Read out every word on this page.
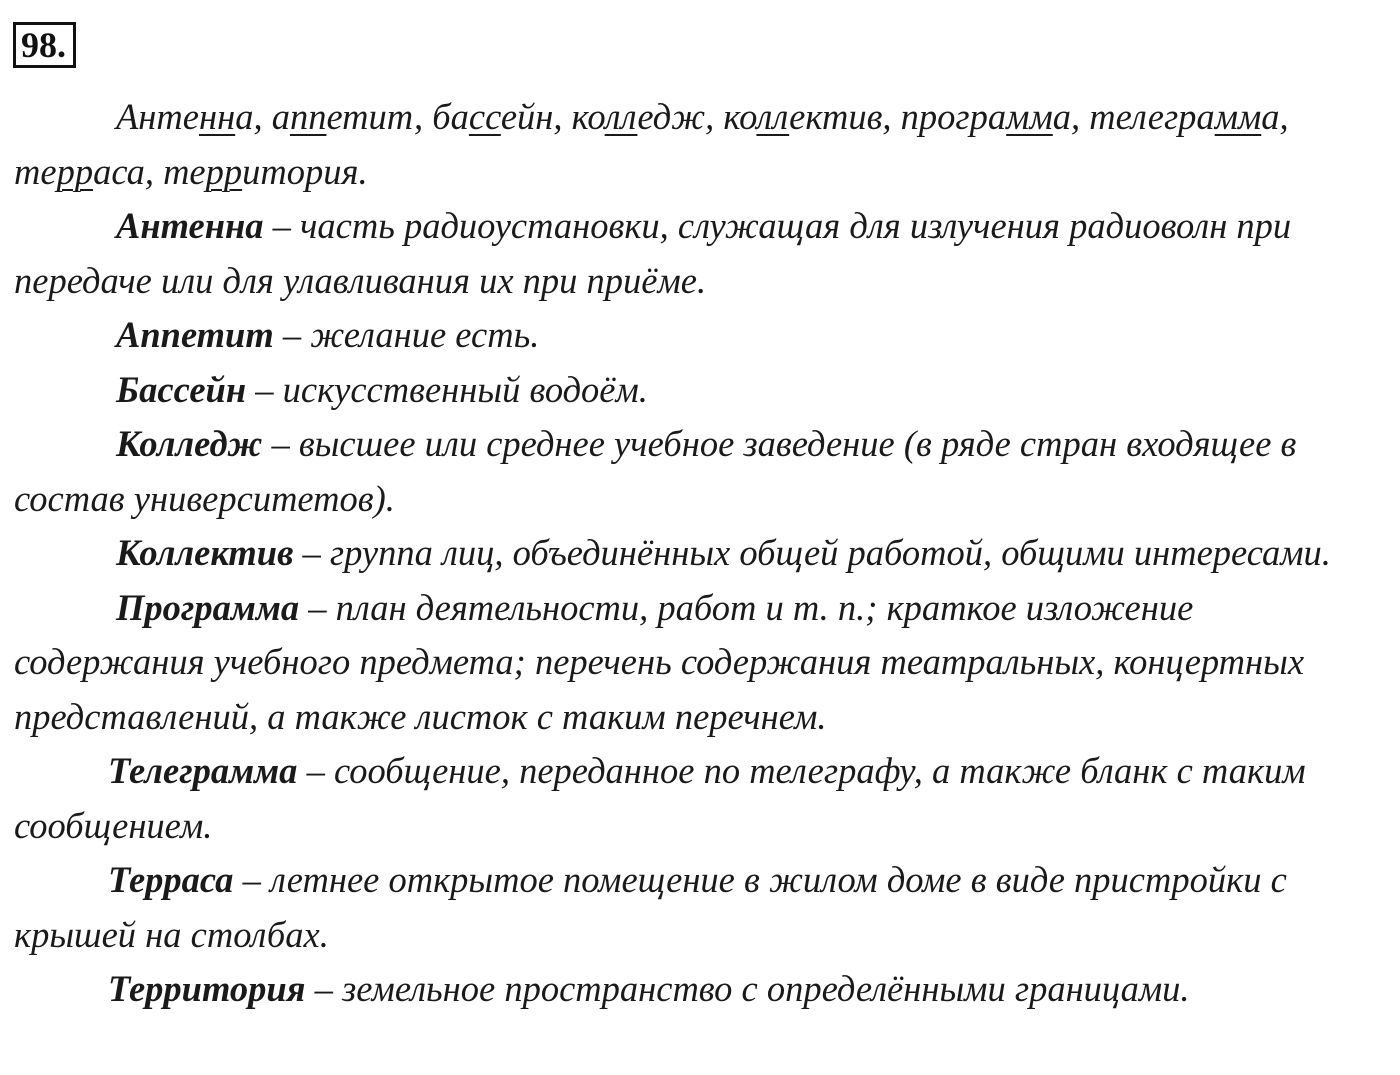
98.

Антенна, аппетит, бассейн, колледж, коллектив, программа, телеграмма, терраса, территория.

Антенна – часть радиоустановки, служащая для излучения радиоволн при передаче или для улавливания их при приёме.

Аппетит – желание есть.

Бассейн – искусственный водоём.

Колледж – высшее или среднее учебное заведение (в ряде стран входящее в состав университетов).

Коллектив – группа лиц, объединённых общей работой, общими интересами.

Программа – план деятельности, работ и т. п.; краткое изложение содержания учебного предмета; перечень содержания театральных, концертных представлений, а также листок с таким перечнем.

Телеграмма – сообщение, переданное по телеграфу, а также бланк с таким сообщением.

Терраса – летнее открытое помещение в жилом доме в виде пристройки с крышей на столбах.

Территория – земельное пространство с определёнными границами.
